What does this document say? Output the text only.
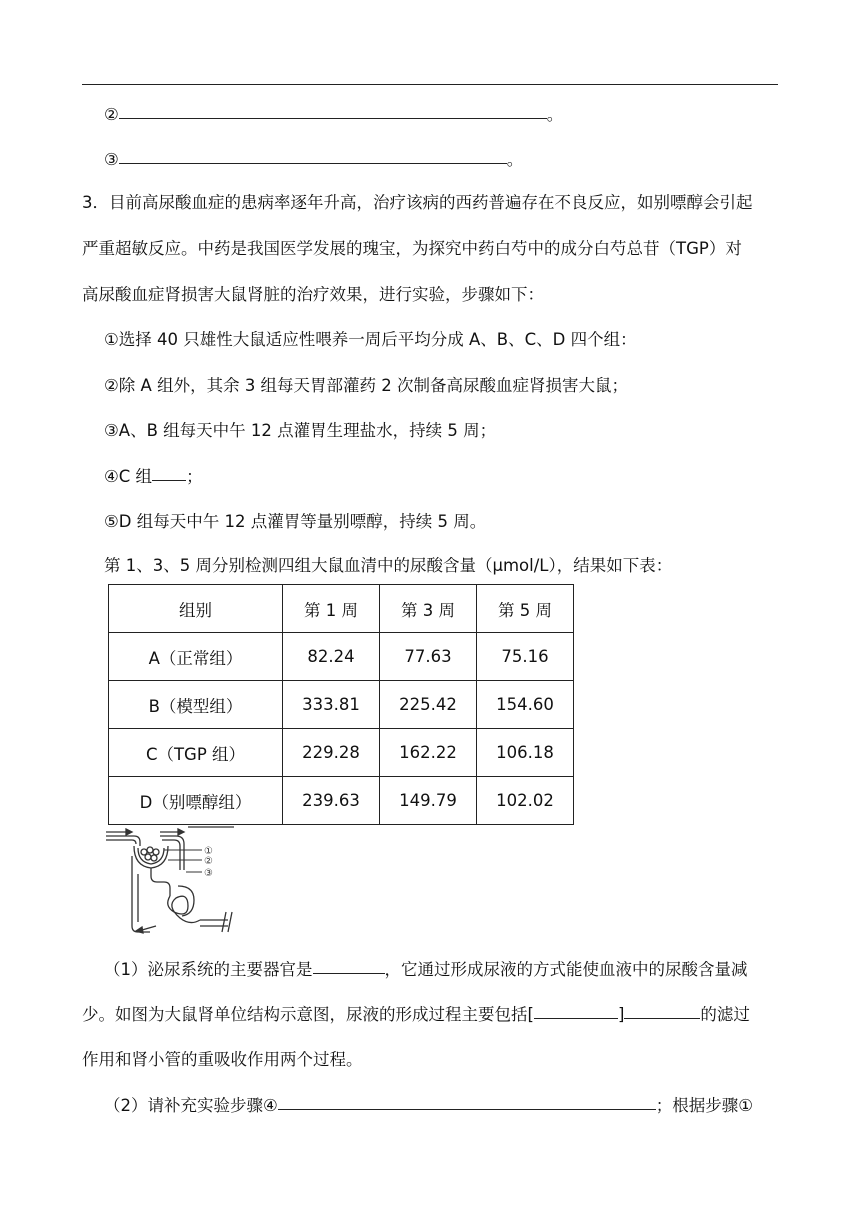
②	。
③	。
3．目前高尿酸血症的患病率逐年升高，治疗该病的西药普遍存在不良反应，如别嘌醇会引起
严重超敏反应。中药是我国医学发展的瑰宝，为探究中药白芍中的成分白芍总苷（TGP）对
高尿酸血症肾损害大鼠肾脏的治疗效果，进行实验，步骤如下：
①选择 40 只雄性大鼠适应性喂养一周后平均分成 A、B、C、D 四个组：
②除 A 组外，其余 3 组每天胃部灌药 2 次制备高尿酸血症肾损害大鼠；
③A、B 组每天中午 12 点灌胃生理盐水，持续 5 周；
④C 组 ；
⑤D 组每天中午 12 点灌胃等量别嘌醇，持续 5 周。
第 1、3、5 周分别检测四组大鼠血清中的尿酸含量（μmol/L），结果如下表：
组别	第 1 周	第 3 周	第 5 周
A（正常组）	82.24	77.63	75.16
B（模型组）	333.81	225.42	154.60
C（TGP 组）	229.28	162.22	106.18
D（别嘌醇组）	239.63	149.79	102.02
①
②
③
（1）泌尿系统的主要器官是	，它通过形成尿液的方式能使血液中的尿酸含量减
少。如图为大鼠肾单位结构示意图，尿液的形成过程主要包括[	]	的滤过
作用和肾小管的重吸收作用两个过程。
（2）请补充实验步骤④	；根据步骤①
